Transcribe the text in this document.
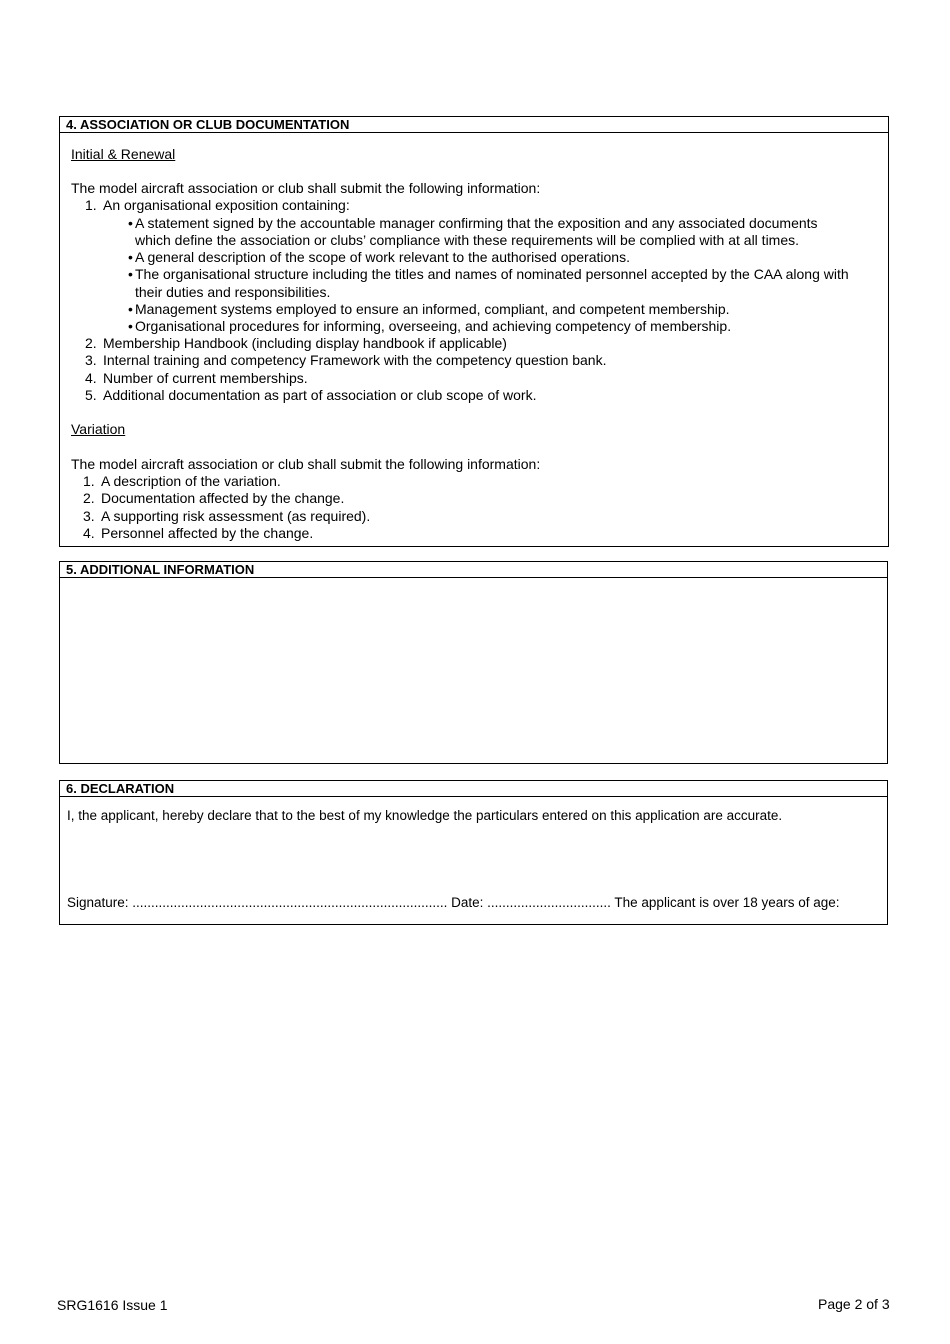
4. ASSOCIATION OR CLUB DOCUMENTATION
Initial & Renewal
The model aircraft association or club shall submit the following information:
1. An organisational exposition containing:
• A statement signed by the accountable manager confirming that the exposition and any associated documents
which define the association or clubs’ compliance with these requirements will be complied with at all times.
• A general description of the scope of work relevant to the authorised operations.
• The organisational structure including the titles and names of nominated personnel accepted by the CAA along with
their duties and responsibilities.
• Management systems employed to ensure an informed, compliant, and competent membership.
• Organisational procedures for informing, overseeing, and achieving competency of membership.
2. Membership Handbook (including display handbook if applicable)
3. Internal training and competency Framework with the competency question bank.
4. Number of current memberships.
5. Additional documentation as part of association or club scope of work.
Variation
The model aircraft association or club shall submit the following information:
1. A description of the variation.
2. Documentation affected by the change.
3. A supporting risk assessment (as required).
4. Personnel affected by the change.
5. ADDITIONAL INFORMATION
6. DECLARATION
I, the applicant, hereby declare that to the best of my knowledge the particulars entered on this application are accurate.
Signature: .................................................................................... Date: ................................. The applicant is over 18 years of age:
SRG1616 Issue 1	Page 2 of 3
